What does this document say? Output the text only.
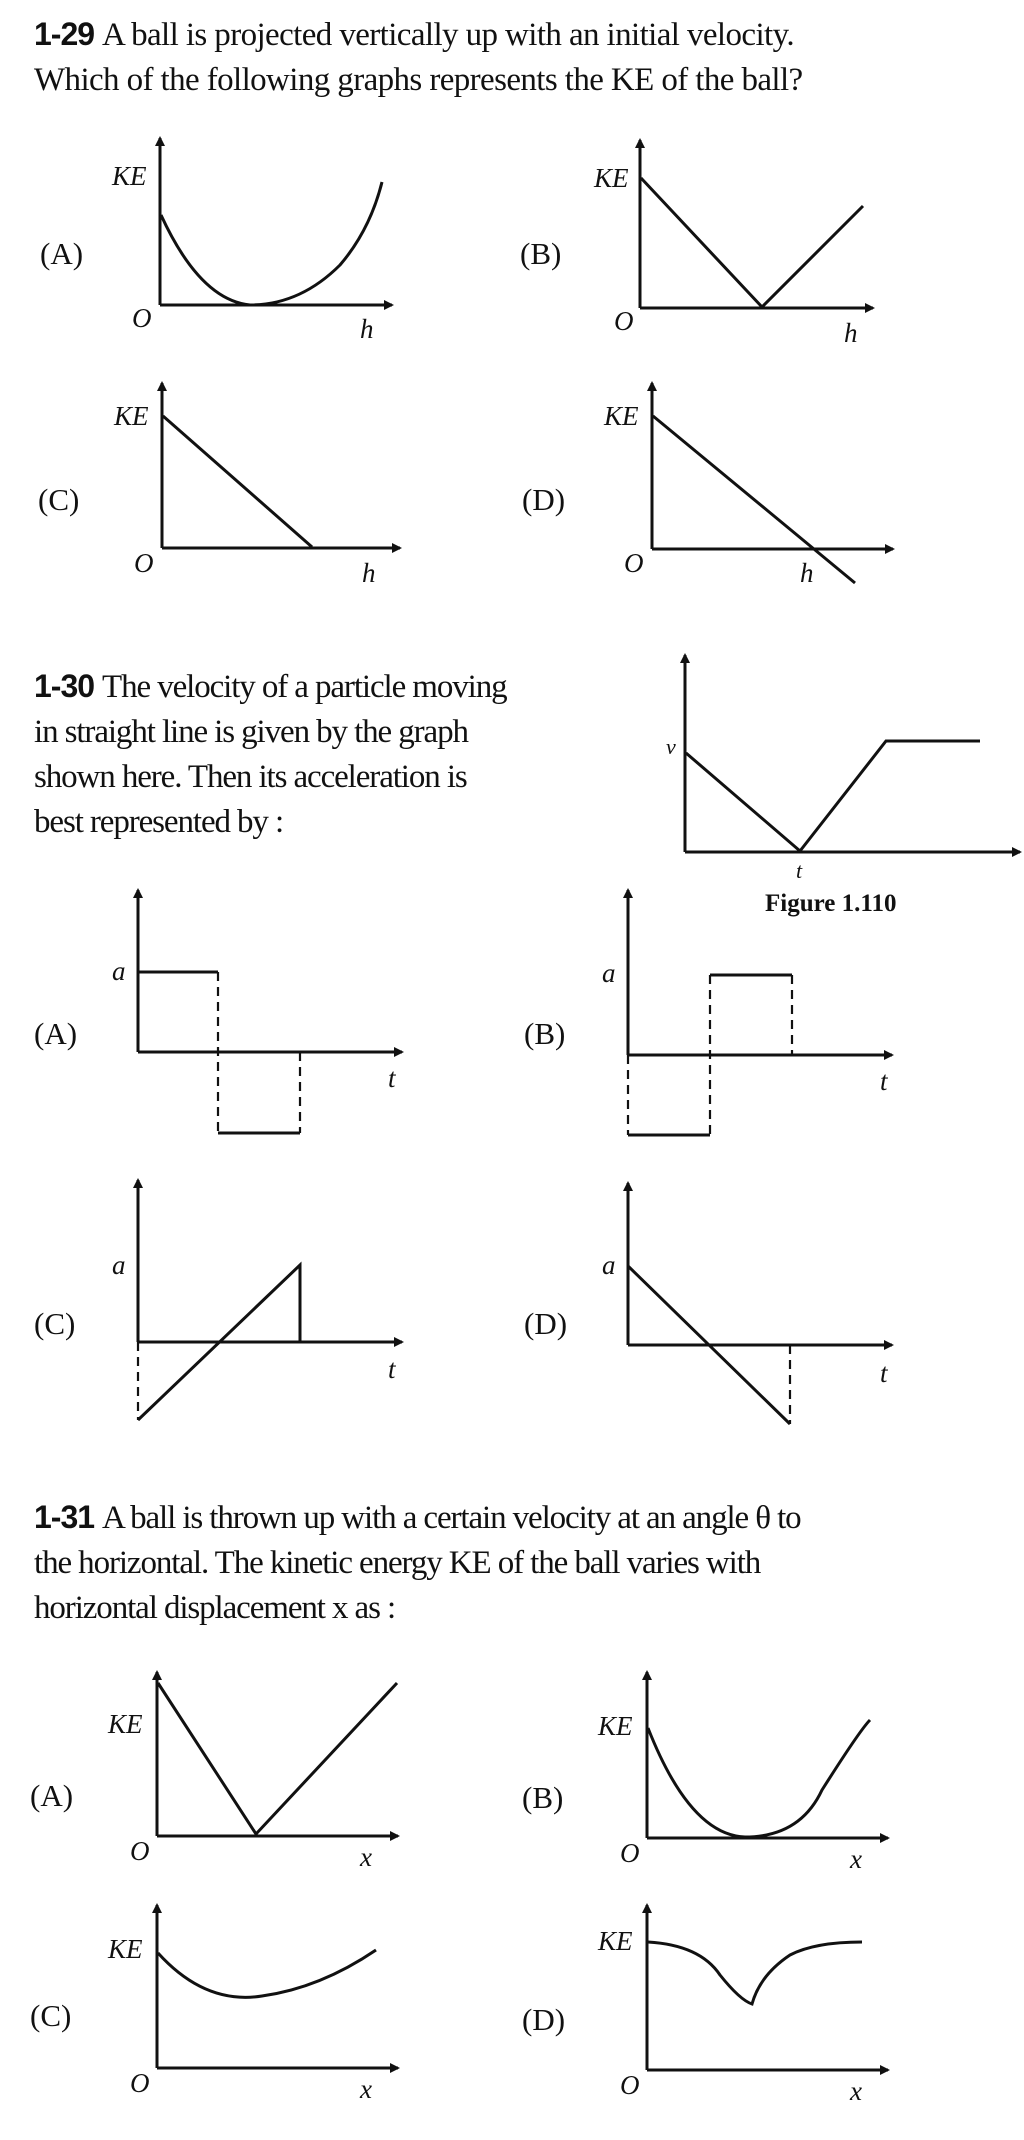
1-29 A ball is projected vertically up with an initial velocity.
Which of the following graphs represents the KE of the ball?
(A)	(B)
(C)	(D)
KE
O	h
KE
O	h
KE
O	h
KE
O	h
v
t
a
t
a
t
a
t
a
t
KE
O	x
KE
O	x
KE
O	x
KE
O	x
1-30 The velocity of a particle moving
in straight line is given by the graph
shown here. Then its acceleration is
best represented by :
Figure 1.110
(A)	(B)
(C)	(D)
1-31 A ball is thrown up with a certain velocity at an angle θ to
the horizontal. The kinetic energy KE of the ball varies with
horizontal displacement x as :
(A)	(B)
(C)	(D)
